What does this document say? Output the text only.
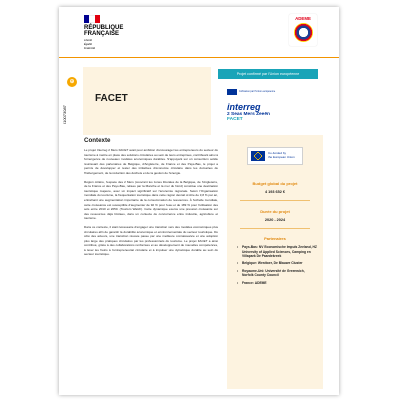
RÉPUBLIQUE
FRANÇAISE
Liberté
Égalité
Fraternité
ADEME
⊕
I10073087
FACET
Projet confirmé par l'Union européenne
Cofinancé par l'Union européenne
interreg
2 Seas Mers Zeeën
FACET
Contexte

Le projet Interreg 2 Mers FACET avait pour ambition d'encourager les entrepreneurs du secteur du tourisme à mettre en place des solutions circulaires au sein de leurs entreprises, contribuant ainsi à l'émergence de nouveaux modèles économiques durables. S'appuyant sur un consortium solide réunissant des partenaires de Belgique, d'Angleterre, de France et des Pays-Bas, le projet a permis de développer et tester des initiatives d'économie circulaire dans les domaines de l'hébergement, de la réduction des déchets et de la gestion de l'énergie.

Région côtière, l'espace des 2 Mers (couvrant les zones littorales de la Belgique, de l'Angleterre, de la France et des Pays-Bas, reliées par la Manche et la mer du Nord) constitue une destination touristique majeure, avec un impact significatif sur l'économie régionale. Selon l'Organisation mondiale du tourisme, la fréquentation touristique dans cette région devrait croître de 3,8 % par an, entraînant une augmentation importante de la consommation de ressources. À l'échelle mondiale, cette croissance est susceptible d'augmenter de 92 % pour l'eau et de 189 % pour l'utilisation des sols entre 2010 et 2050. (Tourism Watch). Cette dynamique exerce une pression croissante sur des ressources déjà limitées, dans un contexte de concurrence entre industrie, agriculture et tourisme.

Dans ce contexte, il était nécessaire d'engager une transition vers des modèles économiques plus circulaires afin de garantir la durabilité économique et environnementale du secteur touristique. Du côté des acteurs, une transition réussie passe par une meilleure connaissance et une adoption plus large des pratiques circulaires par les professionnels du tourisme. Le projet FACET a ainsi contribué, grâce à des collaborations renforcées et au développement de nouvelles compétences, à lever les freins à l'entrepreneuriat circulaire et à impulser une dynamique durable au sein du secteur touristique.

Co-funded by
the European Union
Budget global du projet
4 193 652 €
Durée du projet
2020 - 2024
Partenaires
•	Pays-Bas: NV Economische Impuls Zeeland, HZ University of Applied Sciences, Camping en Villapark De Paardekreek
•	Belgique: Westtoer, De Blauwe Cluster
•	Royaume-Uni: Université de Greenwich, Norfolk County Council
•	France: ADEME
